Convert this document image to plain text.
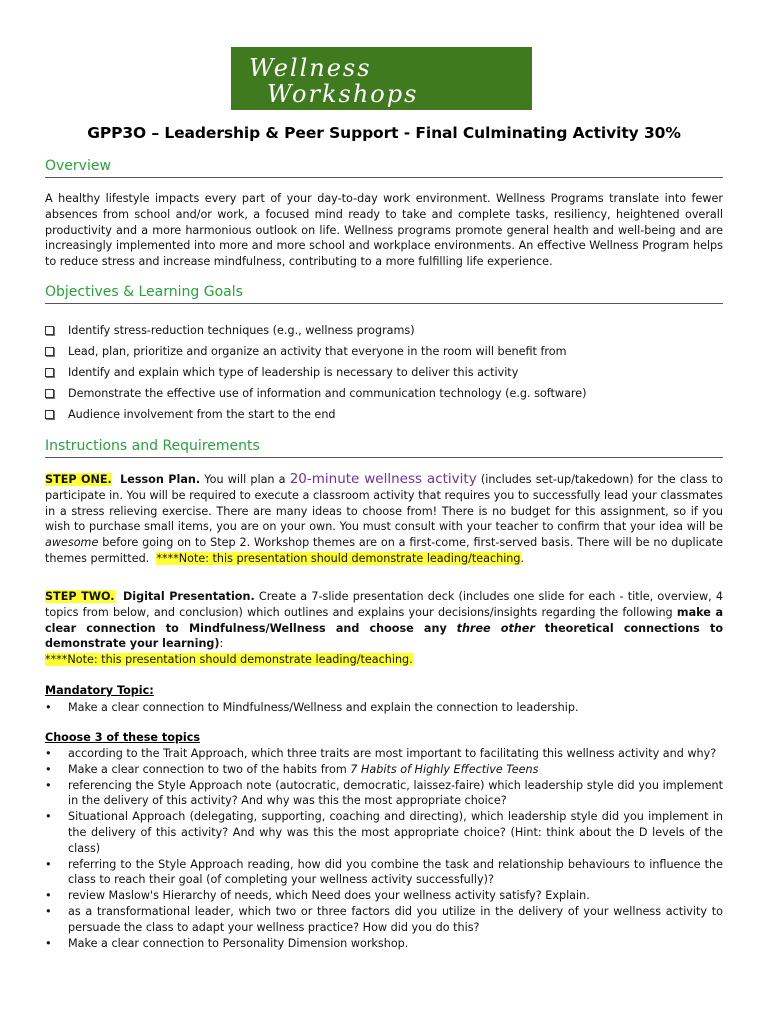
Wellness
Workshops
GPP3O – Leadership & Peer Support - Final Culminating Activity 30%
Overview
A healthy lifestyle impacts every part of your day-to-day work environment. Wellness Programs translate into fewer absences from school and/or work, a focused mind ready to take and complete tasks, resiliency, heightened overall productivity and a more harmonious outlook on life. Wellness programs promote general health and well-being and are increasingly implemented into more and more school and workplace environments. An effective Wellness Program helps to reduce stress and increase mindfulness, contributing to a more fulfilling life experience.
Objectives & Learning Goals
Identify stress-reduction techniques (e.g., wellness programs)
Lead, plan, prioritize and organize an activity that everyone in the room will benefit from
Identify and explain which type of leadership is necessary to deliver this activity
Demonstrate the effective use of information and communication technology (e.g. software)
Audience involvement from the start to the end
Instructions and Requirements
STEP ONE. Lesson Plan. You will plan a 20-minute wellness activity (includes set-up/takedown) for the class to participate in. You will be required to execute a classroom activity that requires you to successfully lead your classmates in a stress relieving exercise. There are many ideas to choose from! There is no budget for this assignment, so if you wish to purchase small items, you are on your own. You must consult with your teacher to confirm that your idea will be awesome before going on to Step 2. Workshop themes are on a first-come, first-served basis. There will be no duplicate themes permitted. ****Note: this presentation should demonstrate leading/teaching.
STEP TWO. Digital Presentation. Create a 7-slide presentation deck (includes one slide for each - title, overview, 4 topics from below, and conclusion) which outlines and explains your decisions/insights regarding the following make a clear connection to Mindfulness/Wellness and choose any three other theoretical connections to demonstrate your learning):
****Note: this presentation should demonstrate leading/teaching.
Mandatory Topic:
• Make a clear connection to Mindfulness/Wellness and explain the connection to leadership.
Choose 3 of these topics
• according to the Trait Approach, which three traits are most important to facilitating this wellness activity and why?
• Make a clear connection to two of the habits from 7 Habits of Highly Effective Teens
• referencing the Style Approach note (autocratic, democratic, laissez-faire) which leadership style did you implement in the delivery of this activity? And why was this the most appropriate choice?
• Situational Approach (delegating, supporting, coaching and directing), which leadership style did you implement in the delivery of this activity? And why was this the most appropriate choice? (Hint: think about the D levels of the class)
• referring to the Style Approach reading, how did you combine the task and relationship behaviours to influence the class to reach their goal (of completing your wellness activity successfully)?
• review Maslow's Hierarchy of needs, which Need does your wellness activity satisfy? Explain.
• as a transformational leader, which two or three factors did you utilize in the delivery of your wellness activity to persuade the class to adapt your wellness practice? How did you do this?
• Make a clear connection to Personality Dimension workshop.
